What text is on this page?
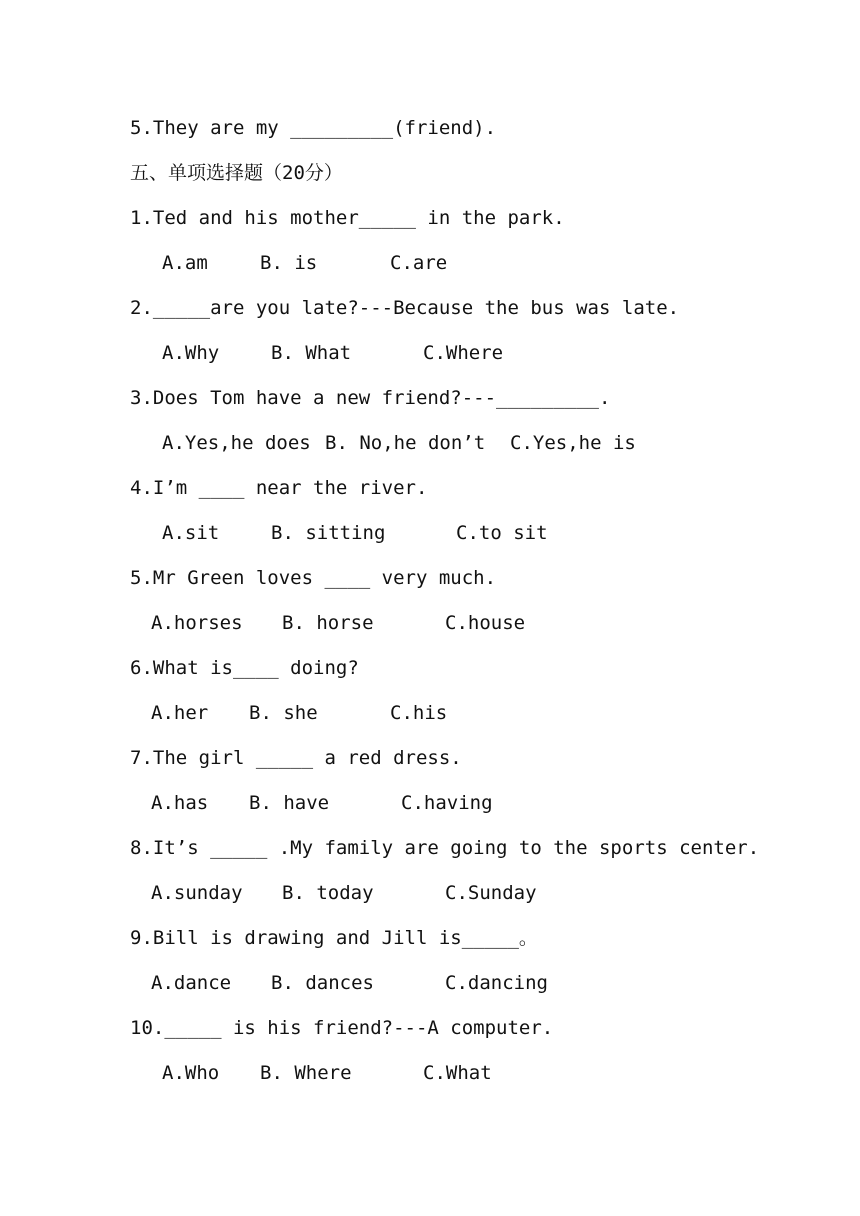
5.They are my _________(friend).
五、单项选择题（20分）
1.Ted and his mother_____ in the park.
A.am	B. is	C.are
2._____are you late?---Because the bus was late.
A.Why	B. What	C.Where
3.Does Tom have a new friend?---_________.
A.Yes,he does B. No,he don’t C.Yes,he is
4.I’m ____ near the river.
A.sit	B. sitting	C.to sit
5.Mr Green loves ____ very much.
A.horses B. horse	C.house
6.What is____ doing?
A.her B. she	C.his
7.The girl _____ a red dress.
A.has B. have	C.having
8.It’s _____ .My family are going to the sports center.
A.sunday B. today	C.Sunday
9.Bill is drawing and Jill is_____。
A.dance B. dances	C.dancing
10._____ is his friend?---A computer.
A.Who B. Where	C.What
